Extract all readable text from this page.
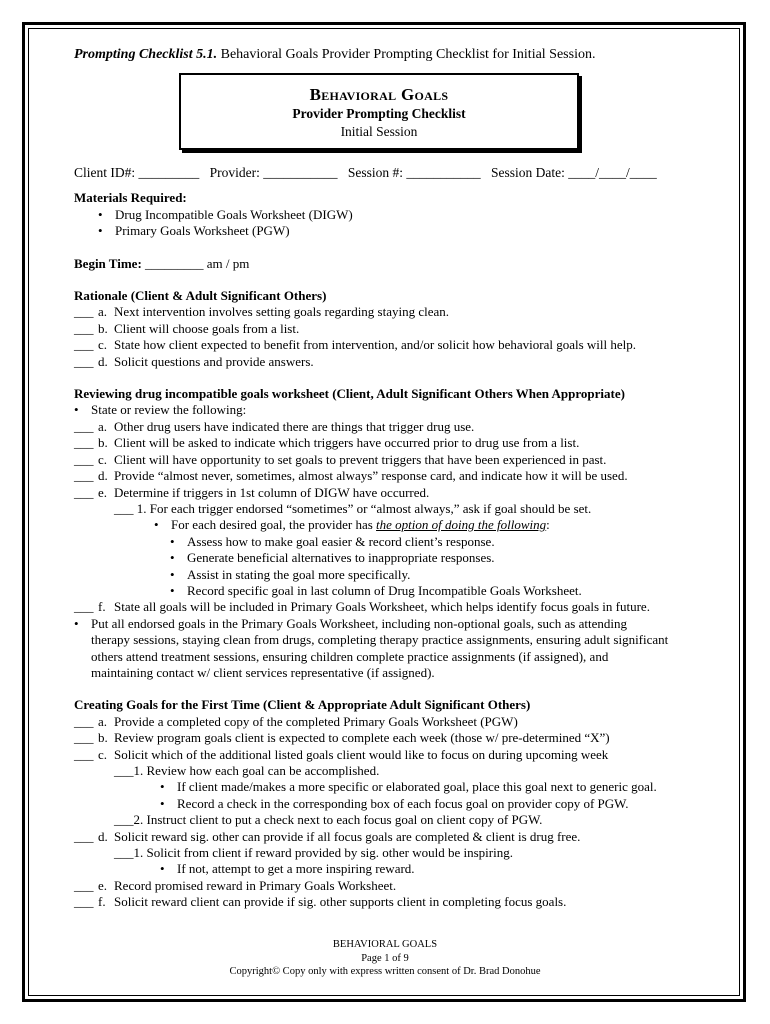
Prompting Checklist 5.1. Behavioral Goals Provider Prompting Checklist for Initial Session.
Behavioral Goals
Provider Prompting Checklist
Initial Session
Client ID#: _________ Provider: ___________ Session #: ___________ Session Date: ____/____/____
Materials Required:
•
Drug Incompatible Goals Worksheet (DIGW)
•
Primary Goals Worksheet (PGW)
Begin Time: _________ am / pm
Rationale (Client & Adult Significant Others)
___ a. Next intervention involves setting goals regarding staying clean.
___ b. Client will choose goals from a list.
___ c. State how client expected to benefit from intervention, and/or solicit how behavioral goals will help.
___ d. Solicit questions and provide answers.
Reviewing drug incompatible goals worksheet (Client, Adult Significant Others When Appropriate)
•
State or review the following:
___ a. Other drug users have indicated there are things that trigger drug use.
___ b. Client will be asked to indicate which triggers have occurred prior to drug use from a list.
___ c. Client will have opportunity to set goals to prevent triggers that have been experienced in past.
___ d. Provide “almost never, sometimes, almost always” response card, and indicate how it will be used.
___ e. Determine if triggers in 1st column of DIGW have occurred.
___ 1. For each trigger endorsed “sometimes” or “almost always,” ask if goal should be set.
•
For each desired goal, the provider has the option of doing the following:
•
Assess how to make goal easier & record client’s response.
•
Generate beneficial alternatives to inappropriate responses.
•
Assist in stating the goal more specifically.
•
Record specific goal in last column of Drug Incompatible Goals Worksheet.
___ f. State all goals will be included in Primary Goals Worksheet, which helps identify focus goals in future.
•
Put all endorsed goals in the Primary Goals Worksheet, including non-optional goals, such as attending
therapy sessions, staying clean from drugs, completing therapy practice assignments, ensuring adult significant
others attend treatment sessions, ensuring children complete practice assignments (if assigned), and
maintaining contact w/ client services representative (if assigned).
Creating Goals for the First Time (Client & Appropriate Adult Significant Others)
___ a. Provide a completed copy of the completed Primary Goals Worksheet (PGW)
___ b. Review program goals client is expected to complete each week (those w/ pre-determined “X”)
___ c. Solicit which of the additional listed goals client would like to focus on during upcoming week
___1. Review how each goal can be accomplished.
•
If client made/makes a more specific or elaborated goal, place this goal next to generic goal.
•
Record a check in the corresponding box of each focus goal on provider copy of PGW.
___2. Instruct client to put a check next to each focus goal on client copy of PGW.
___ d. Solicit reward sig. other can provide if all focus goals are completed & client is drug free.
___1. Solicit from client if reward provided by sig. other would be inspiring.
•
If not, attempt to get a more inspiring reward.
___ e. Record promised reward in Primary Goals Worksheet.
___ f. Solicit reward client can provide if sig. other supports client in completing focus goals.
BEHAVIORAL GOALS
Page 1 of 9
Copyright© Copy only with express written consent of Dr. Brad Donohue
